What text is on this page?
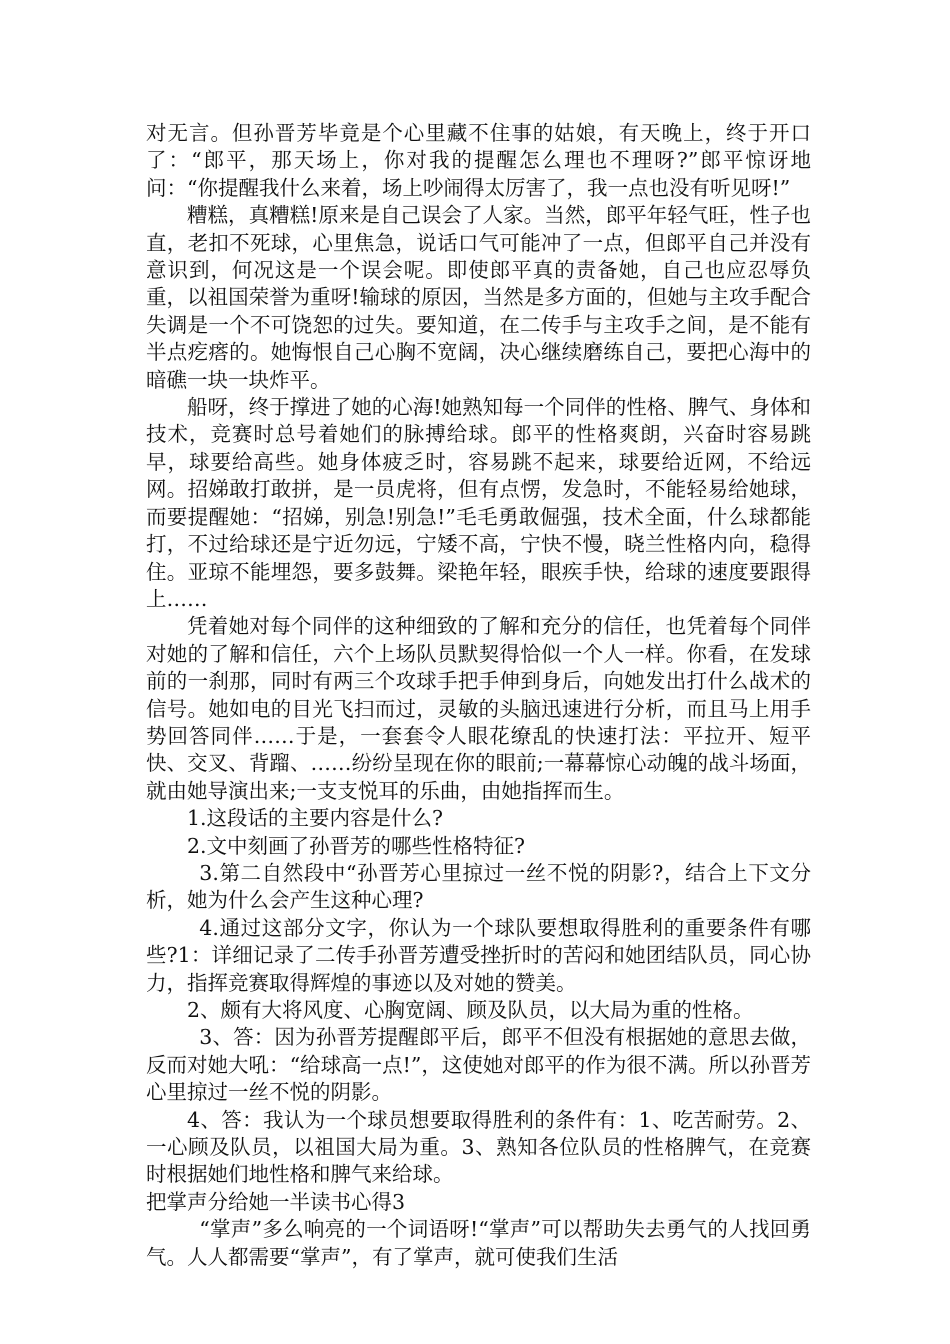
对无言。但孙晋芳毕竟是个心里藏不住事的姑娘，有天晚上，终于开口了：“郎平，那天场上，你对我的提醒怎么理也不理呀?”郎平惊讶地问：“你提醒我什么来着，场上吵闹得太厉害了，我一点也没有听见呀!”

糟糕，真糟糕!原来是自己误会了人家。当然，郎平年轻气旺，性子也直，老扣不死球，心里焦急，说话口气可能冲了一点，但郎平自己并没有意识到，何况这是一个误会呢。即使郎平真的责备她，自己也应忍辱负重，以祖国荣誉为重呀!输球的原因，当然是多方面的，但她与主攻手配合失调是一个不可饶恕的过失。要知道，在二传手与主攻手之间，是不能有半点疙瘩的。她悔恨自己心胸不宽阔，决心继续磨练自己，要把心海中的暗礁一块一块炸平。

船呀，终于撑进了她的心海!她熟知每一个同伴的性格、脾气、身体和技术，竞赛时总号着她们的脉搏给球。郎平的性格爽朗，兴奋时容易跳早，球要给高些。她身体疲乏时，容易跳不起来，球要给近网，不给远网。招娣敢打敢拼，是一员虎将，但有点愣，发急时，不能轻易给她球，而要提醒她：“招娣，别急!别急!”毛毛勇敢倔强，技术全面，什么球都能打，不过给球还是宁近勿远，宁矮不高，宁快不慢，晓兰性格内向，稳得住。亚琼不能埋怨，要多鼓舞。梁艳年轻，眼疾手快，给球的速度要跟得上……

凭着她对每个同伴的这种细致的了解和充分的信任，也凭着每个同伴对她的了解和信任，六个上场队员默契得恰似一个人一样。你看，在发球前的一刹那，同时有两三个攻球手把手伸到身后，向她发出打什么战术的信号。她如电的目光飞扫而过，灵敏的头脑迅速进行分析，而且马上用手势回答同伴……于是，一套套令人眼花缭乱的快速打法：平拉开、短平快、交叉、背蹓、……纷纷呈现在你的眼前;一幕幕惊心动魄的战斗场面，就由她导演出来;一支支悦耳的乐曲，由她指挥而生。

1.这段话的主要内容是什么?

2.文中刻画了孙晋芳的哪些性格特征?

3.第二自然段中“孙晋芳心里掠过一丝不悦的阴影?，结合上下文分析，她为什么会产生这种心理?

4.通过这部分文字，你认为一个球队要想取得胜利的重要条件有哪些?1：详细记录了二传手孙晋芳遭受挫折时的苦闷和她团结队员，同心协力，指挥竞赛取得辉煌的事迹以及对她的赞美。

2、颇有大将风度、心胸宽阔、顾及队员，以大局为重的性格。

3、答：因为孙晋芳提醒郎平后，郎平不但没有根据她的意思去做，反而对她大吼：“给球高一点!”，这使她对郎平的作为很不满。所以孙晋芳心里掠过一丝不悦的阴影。

4、答：我认为一个球员想要取得胜利的条件有：1、吃苦耐劳。2、一心顾及队员，以祖国大局为重。3、熟知各位队员的性格脾气，在竞赛时根据她们地性格和脾气来给球。

把掌声分给她一半读书心得3

“掌声”多么响亮的一个词语呀!“掌声”可以帮助失去勇气的人找回勇气。人人都需要“掌声”，有了掌声，就可使我们生活
